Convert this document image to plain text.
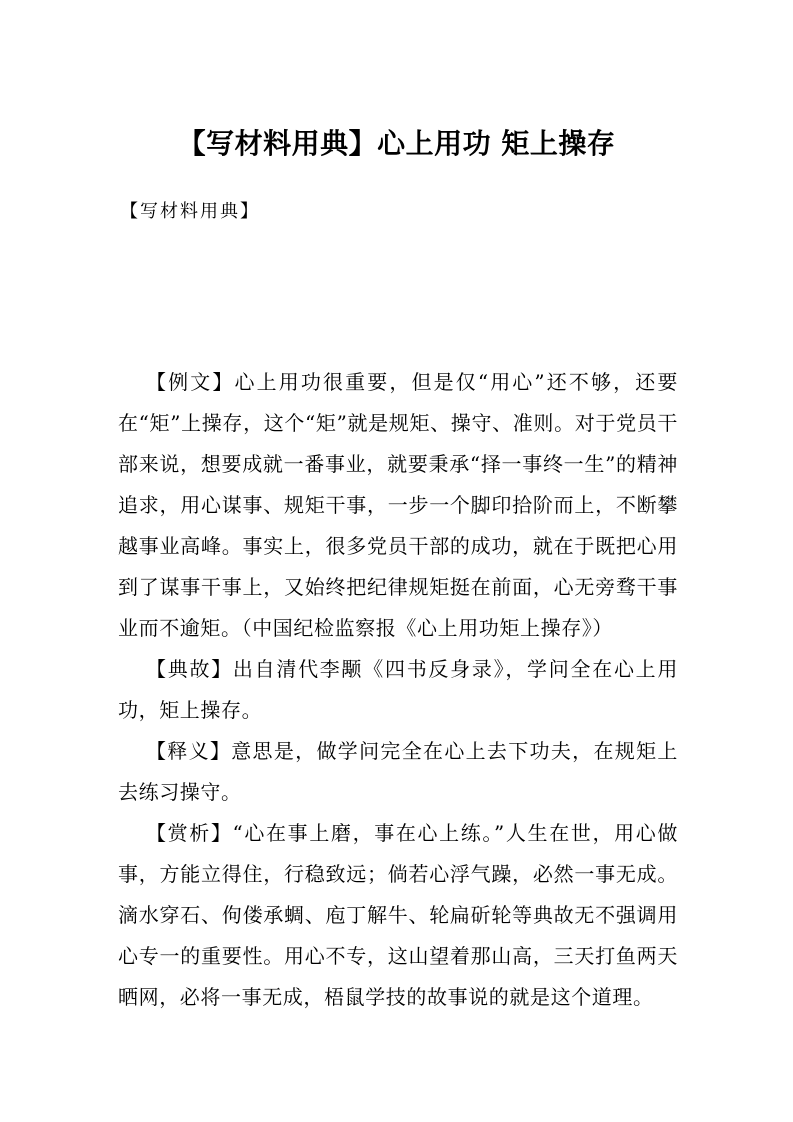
【写材料用典】心上用功 矩上操存

【写材料用典】

【例文】心上用功很重要，但是仅“用心”还不够，还要在“矩”上操存，这个“矩”就是规矩、操守、准则。对于党员干部来说，想要成就一番事业，就要秉承“择一事终一生”的精神追求，用心谋事、规矩干事，一步一个脚印拾阶而上，不断攀越事业高峰。事实上，很多党员干部的成功，就在于既把心用到了谋事干事上，又始终把纪律规矩挺在前面，心无旁骛干事业而不逾矩。（中国纪检监察报《心上用功矩上操存》）

【典故】出自清代李颙《四书反身录》，学问全在心上用功，矩上操存。

【释义】意思是，做学问完全在心上去下功夫，在规矩上去练习操守。

【赏析】“心在事上磨，事在心上练。”人生在世，用心做事，方能立得住，行稳致远；倘若心浮气躁，必然一事无成。滴水穿石、佝偻承蜩、庖丁解牛、轮扁斫轮等典故无不强调用心专一的重要性。用心不专，这山望着那山高，三天打鱼两天晒网，必将一事无成，梧鼠学技的故事说的就是这个道理。
